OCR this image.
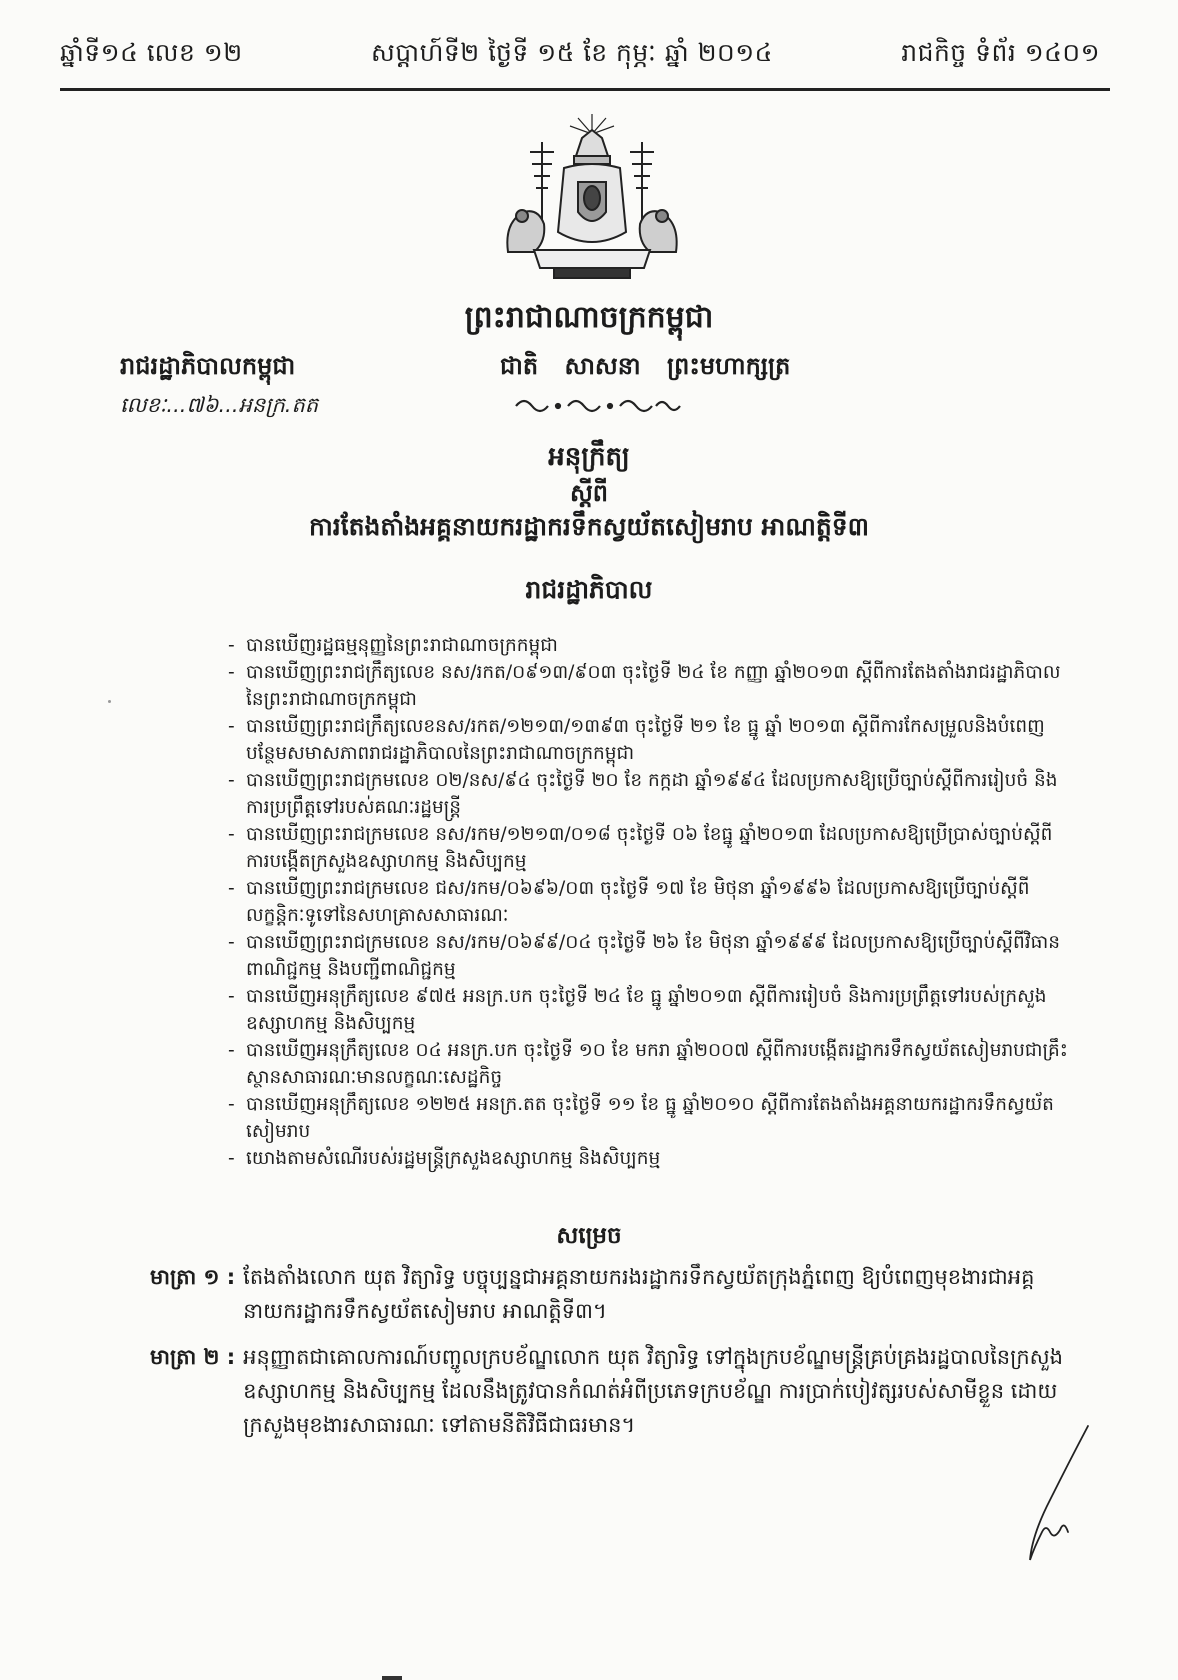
ឆ្នាំទី១៤ លេខ ១២	សប្តាហ៍ទី២ ថ្ងៃទី ១៥ ខែ កុម្ភៈ ឆ្នាំ ២០១៤	រាជកិច្ច ទំព័រ ១៤០១
ព្រះរាជាណាចក្រកម្ពុជា
រាជរដ្ឋាភិបាលកម្ពុជា	ជាតិ សាសនា ព្រះមហាក្សត្រ
លេខៈ...៧៦...អនក្រ.តត
អនុក្រឹត្យ
ស្តីពី
ការតែងតាំងអគ្គនាយករដ្ឋាករទឹកស្វយ័តសៀមរាប អាណត្តិទី៣
រាជរដ្ឋាភិបាល
- បានឃើញរដ្ឋធម្មនុញ្ញនៃព្រះរាជាណាចក្រកម្ពុជា
- បានឃើញព្រះរាជក្រឹត្យលេខ នស/រកត/០៩១៣/៩០៣ ចុះថ្ងៃទី ២៤ ខែ កញ្ញា ឆ្នាំ២០១៣ ស្តីពីការតែងតាំងរាជរដ្ឋាភិបាលនៃព្រះរាជាណាចក្រកម្ពុជា
- បានឃើញព្រះរាជក្រឹត្យលេខនស/រកត/១២១៣/១៣៩៣ ចុះថ្ងៃទី ២១ ខែ ធ្នូ ឆ្នាំ ២០១៣ ស្តីពីការកែសម្រួលនិងបំពេញបន្ថែមសមាសភាពរាជរដ្ឋាភិបាលនៃព្រះរាជាណាចក្រកម្ពុជា
- បានឃើញព្រះរាជក្រមលេខ ០២/នស/៩៤ ចុះថ្ងៃទី ២០ ខែ កក្កដា ឆ្នាំ១៩៩៤ ដែលប្រកាសឱ្យប្រើច្បាប់ស្តីពីការរៀបចំ និងការប្រព្រឹត្តទៅរបស់គណៈរដ្ឋមន្ត្រី
- បានឃើញព្រះរាជក្រមលេខ នស/រកម/១២១៣/០១៨ ចុះថ្ងៃទី ០៦ ខែធ្នូ ឆ្នាំ២០១៣ ដែលប្រកាសឱ្យប្រើប្រាស់ច្បាប់ស្តីពីការបង្កើតក្រសួងឧស្សាហកម្ម និងសិប្បកម្ម
- បានឃើញព្រះរាជក្រមលេខ ជស/រកម/០៦៩៦/០៣ ចុះថ្ងៃទី ១៧ ខែ មិថុនា ឆ្នាំ១៩៩៦ ដែលប្រកាសឱ្យប្រើច្បាប់ស្តីពីលក្ខន្តិកៈទូទៅនៃសហគ្រាសសាធារណៈ
- បានឃើញព្រះរាជក្រមលេខ នស/រកម/០៦៩៩/០៤ ចុះថ្ងៃទី ២៦ ខែ មិថុនា ឆ្នាំ១៩៩៩ ដែលប្រកាសឱ្យប្រើច្បាប់ស្តីពីវិធានពាណិជ្ជកម្ម និងបញ្ជីពាណិជ្ជកម្ម
- បានឃើញអនុក្រឹត្យលេខ ៩៧៥ អនក្រ.បក ចុះថ្ងៃទី ២៤ ខែ ធ្នូ ឆ្នាំ២០១៣ ស្តីពីការរៀបចំ និងការប្រព្រឹត្តទៅរបស់ក្រសួងឧស្សាហកម្ម និងសិប្បកម្ម
- បានឃើញអនុក្រឹត្យលេខ ០៤ អនក្រ.បក ចុះថ្ងៃទី ១០ ខែ មករា ឆ្នាំ២០០៧ ស្តីពីការបង្កើតរដ្ឋាករទឹកស្វយ័តសៀមរាបជាគ្រឹះស្ថានសាធារណៈមានលក្ខណៈសេដ្ឋកិច្ច
- បានឃើញអនុក្រឹត្យលេខ ១២២៥ អនក្រ.តត ចុះថ្ងៃទី ១១ ខែ ធ្នូ ឆ្នាំ២០១០ ស្តីពីការតែងតាំងអគ្គនាយករដ្ឋាករទឹកស្វយ័តសៀមរាប
- យោងតាមសំណើរបស់រដ្ឋមន្ត្រីក្រសួងឧស្សាហកម្ម និងសិប្បកម្ម
សម្រេច
មាត្រា ១ : តែងតាំងលោក យុត វិត្យារិទ្ធ បច្ចុប្បន្នជាអគ្គនាយករងរដ្ឋាករទឹកស្វយ័តក្រុងភ្នំពេញ ឱ្យបំពេញមុខងារជាអគ្គនាយករដ្ឋាករទឹកស្វយ័តសៀមរាប អាណត្តិទី៣។
មាត្រា ២ : អនុញ្ញាតជាគោលការណ៍បញ្ចូលក្របខ័ណ្ឌលោក យុត វិត្យារិទ្ធ ទៅក្នុងក្របខ័ណ្ឌមន្ត្រីគ្រប់គ្រងរដ្ឋបាលនៃក្រសួងឧស្សាហកម្ម និងសិប្បកម្ម ដែលនឹងត្រូវបានកំណត់អំពីប្រភេទក្របខ័ណ្ឌ ការប្រាក់បៀវត្សរបស់សាមីខ្លួន ដោយក្រសួងមុខងារសាធារណៈ ទៅតាមនីតិវិធីជាធរមាន។
